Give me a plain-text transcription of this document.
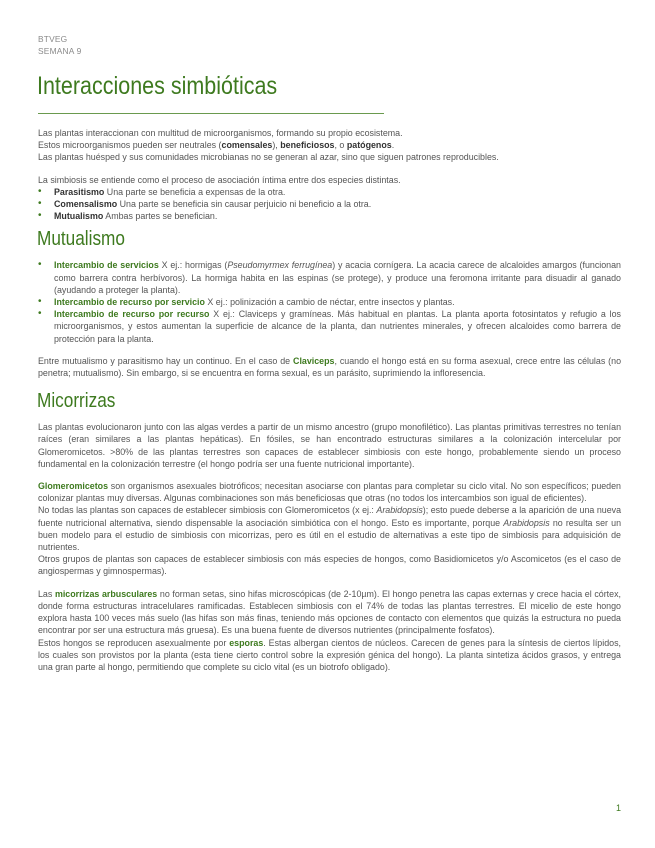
BTVEG
SEMANA 9
Interacciones simbióticas

Las plantas interaccionan con multitud de microorganismos, formando su propio ecosistema.

Estos microorganismos pueden ser neutrales (comensales), beneficiosos, o patógenos.

Las plantas huésped y sus comunidades microbianas no se generan al azar, sino que siguen patrones reproducibles.

La simbiosis se entiende como el proceso de asociación íntima entre dos especies distintas.

• Parasitismo Una parte se beneficia a expensas de la otra.
• Comensalismo Una parte se beneficia sin causar perjuicio ni beneficio a la otra.
• Mutualismo Ambas partes se benefician.
Mutualismo
• Intercambio de servicios X ej.: hormigas (Pseudomyrmex ferrugínea) y acacia cornígera. La acacia carece de alcaloides amargos (funcionan como barrera contra herbívoros). La hormiga habita en las espinas (se protege), y produce una feromona irritante para disuadir al ganado (ayudando a proteger la planta).
• Intercambio de recurso por servicio X ej.: polinización a cambio de néctar, entre insectos y plantas.
• Intercambio de recurso por recurso X ej.: Claviceps y gramíneas. Más habitual en plantas. La planta aporta fotosintatos y refugio a los microorganismos, y estos aumentan la superficie de alcance de la planta, dan nutrientes minerales, y ofrecen alcaloides como barrera de protección para la planta.

Entre mutualismo y parasitismo hay un continuo. En el caso de Claviceps, cuando el hongo está en su forma asexual, crece entre las células (no penetra; mutualismo). Sin embargo, si se encuentra en forma sexual, es un parásito, suprimiendo la infloresencia.

Micorrizas

Las plantas evolucionaron junto con las algas verdes a partir de un mismo ancestro (grupo monofilético). Las plantas primitivas terrestres no tenían raíces (eran similares a las plantas hepáticas). En fósiles, se han encontrado estructuras similares a la colonización intercelular por Glomeromicetos. >80% de las plantas terrestres son capaces de establecer simbiosis con este hongo, probablemente siendo un proceso fundamental en la colonización terrestre (el hongo podría ser una fuente nutricional importante).

Glomeromicetos son organismos asexuales biotróficos; necesitan asociarse con plantas para completar su ciclo vital. No son específicos; pueden colonizar plantas muy diversas. Algunas combinaciones son más beneficiosas que otras (no todos los intercambios son igual de eficientes).

No todas las plantas son capaces de establecer simbiosis con Glomeromicetos (x ej.: Arabidopsis); esto puede deberse a la aparición de una nueva fuente nutricional alternativa, siendo dispensable la asociación simbiótica con el hongo. Esto es importante, porque Arabidopsis no resulta ser un buen modelo para el estudio de simbiosis con micorrizas, pero es útil en el estudio de alternativas a este tipo de simbiosis para adquisición de nutrientes.

Otros grupos de plantas son capaces de establecer simbiosis con más especies de hongos, como Basidiomicetos y/o Ascomicetos (es el caso de angiospermas y gimnospermas).

Las micorrizas arbusculares no forman setas, sino hifas microscópicas (de 2-10µm). El hongo penetra las capas externas y crece hacia el córtex, donde forma estructuras intracelulares ramificadas. Establecen simbiosis con el 74% de todas las plantas terrestres. El micelio de este hongo explora hasta 100 veces más suelo (las hifas son más finas, teniendo más opciones de contacto con elementos que quizás la estructura no pueda encontrar por ser una estructura más gruesa). Es una buena fuente de diversos nutrientes (principalmente fosfatos).

Estos hongos se reproducen asexualmente por esporas. Estas albergan cientos de núcleos. Carecen de genes para la síntesis de ciertos lípidos, los cuales son provistos por la planta (esta tiene cierto control sobre la expresión génica del hongo). La planta sintetiza ácidos grasos, y entrega una gran parte al hongo, permitiendo que complete su ciclo vital (es un biotrofo obligado).

1
